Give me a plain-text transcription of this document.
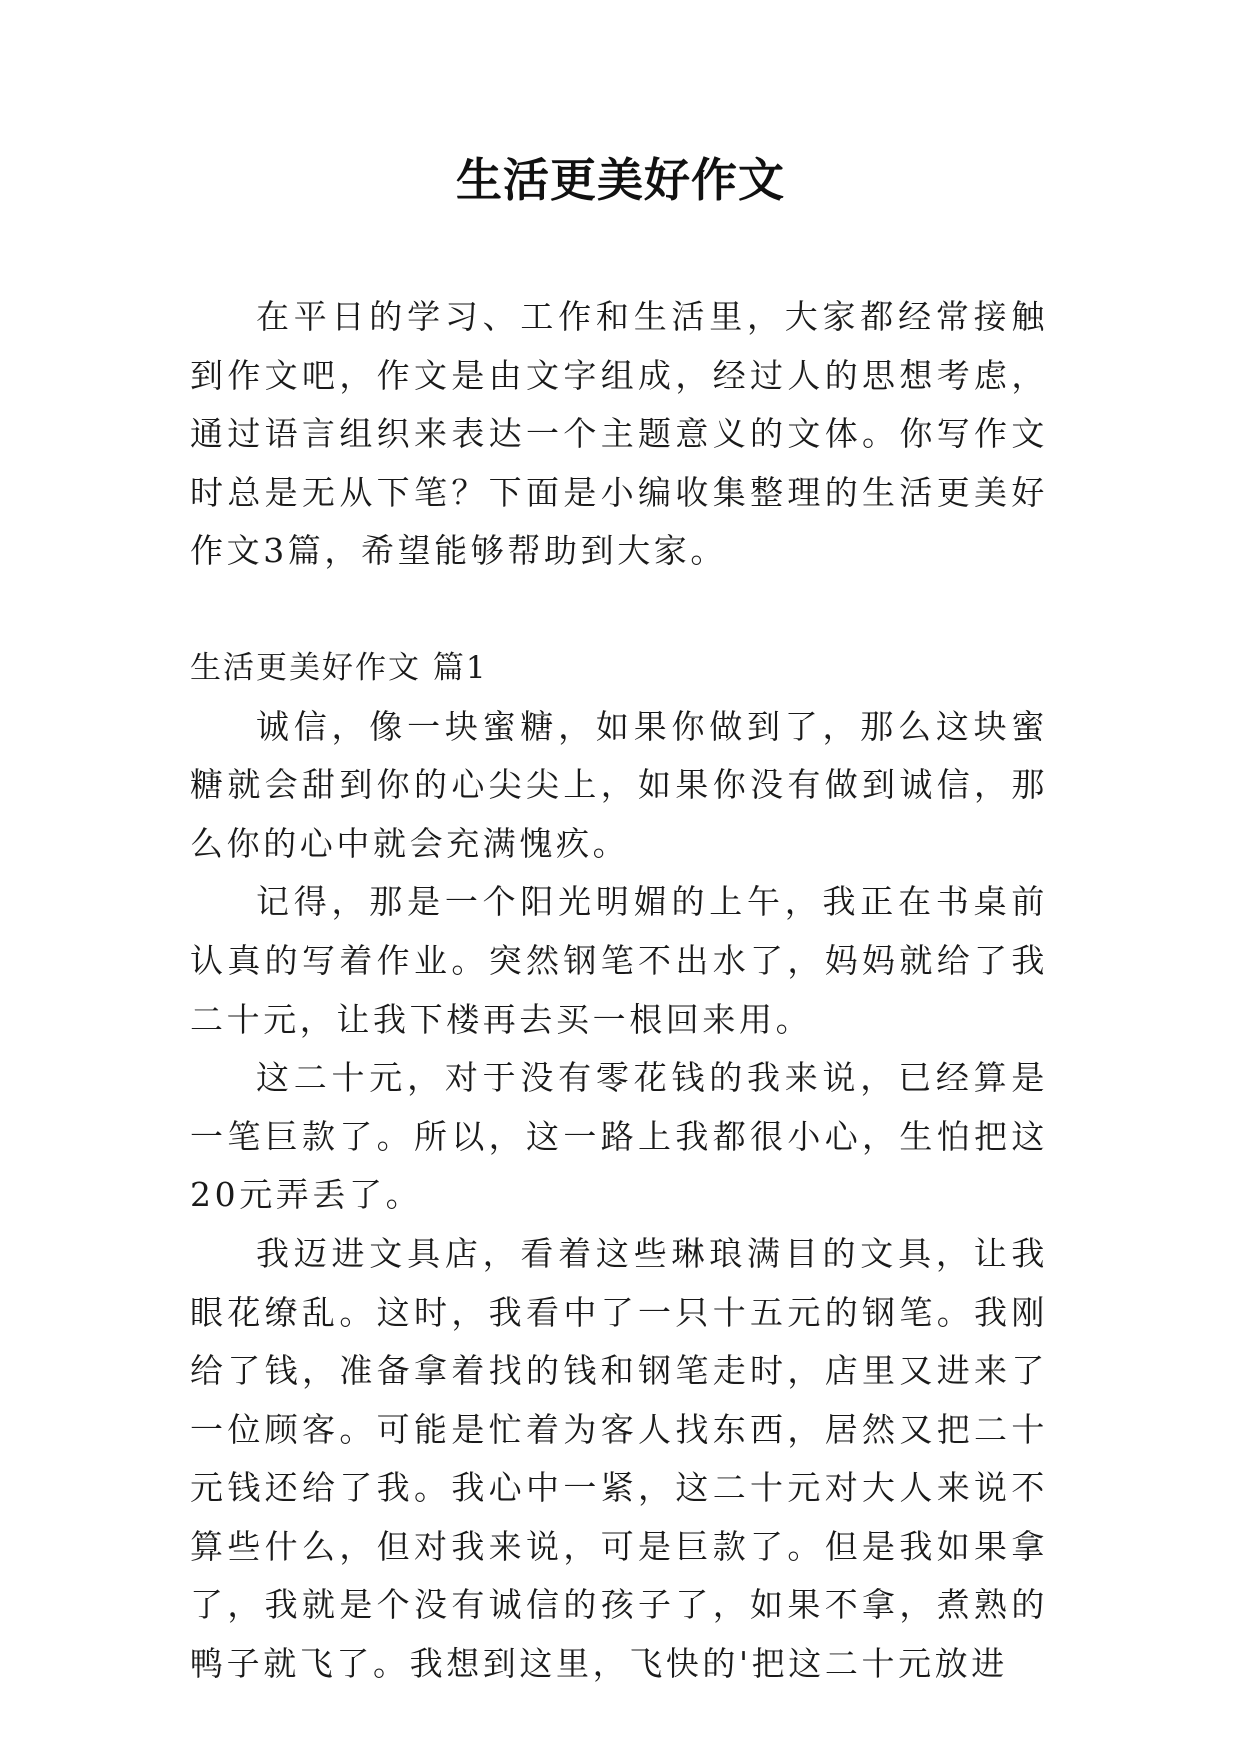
生活更美好作文

在平日的学习、工作和生活里，大家都经常接触到作文吧，作文是由文字组成，经过人的思想考虑，通过语言组织来表达一个主题意义的文体。你写作文时总是无从下笔？下面是小编收集整理的生活更美好作文3篇，希望能够帮助到大家。

生活更美好作文 篇1

诚信，像一块蜜糖，如果你做到了，那么这块蜜糖就会甜到你的心尖尖上，如果你没有做到诚信，那么你的心中就会充满愧疚。

记得，那是一个阳光明媚的上午，我正在书桌前认真的写着作业。突然钢笔不出水了，妈妈就给了我二十元，让我下楼再去买一根回来用。

这二十元，对于没有零花钱的我来说，已经算是一笔巨款了。所以，这一路上我都很小心，生怕把这20元弄丢了。

我迈进文具店，看着这些琳琅满目的文具，让我眼花缭乱。这时，我看中了一只十五元的钢笔。我刚给了钱，准备拿着找的钱和钢笔走时，店里又进来了一位顾客。可能是忙着为客人找东西，居然又把二十元钱还给了我。我心中一紧，这二十元对大人来说不算些什么，但对我来说，可是巨款了。但是我如果拿了，我就是个没有诚信的孩子了，如果不拿，煮熟的鸭子就飞了。我想到这里，飞快的'把这二十元放进
